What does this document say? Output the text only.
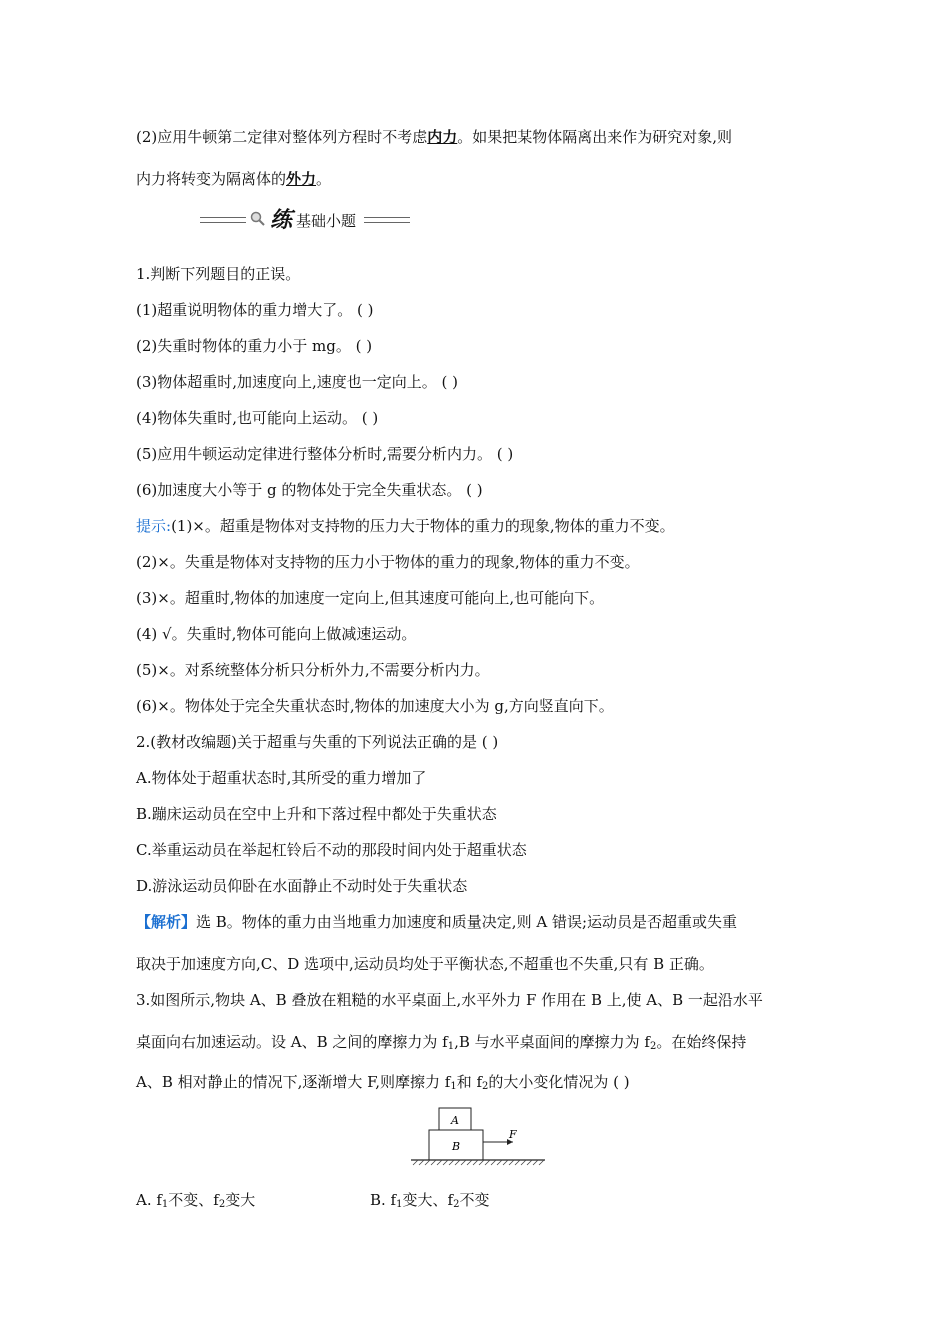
(2)应用牛顿第二定律对整体列方程时不考虑内力。如果把某物体隔离出来作为研究对象,则
内力将转变为隔离体的外力。
练 基础小题
1.判断下列题目的正误。
(1)超重说明物体的重力增大了。 ( )
(2)失重时物体的重力小于 mg。 ( )
(3)物体超重时,加速度向上,速度也一定向上。 ( )
(4)物体失重时,也可能向上运动。 ( )
(5)应用牛顿运动定律进行整体分析时,需要分析内力。 ( )
(6)加速度大小等于 g 的物体处于完全失重状态。 ( )
提示:(1)×。超重是物体对支持物的压力大于物体的重力的现象,物体的重力不变。
(2)×。失重是物体对支持物的压力小于物体的重力的现象,物体的重力不变。
(3)×。超重时,物体的加速度一定向上,但其速度可能向上,也可能向下。
(4) √。失重时,物体可能向上做减速运动。
(5)×。对系统整体分析只分析外力,不需要分析内力。
(6)×。物体处于完全失重状态时,物体的加速度大小为 g,方向竖直向下。
2.(教材改编题)关于超重与失重的下列说法正确的是 ( )
A.物体处于超重状态时,其所受的重力增加了
B.蹦床运动员在空中上升和下落过程中都处于失重状态
C.举重运动员在举起杠铃后不动的那段时间内处于超重状态
D.游泳运动员仰卧在水面静止不动时处于失重状态
【解析】选 B。物体的重力由当地重力加速度和质量决定,则 A 错误;运动员是否超重或失重
取决于加速度方向,C、D 选项中,运动员均处于平衡状态,不超重也不失重,只有 B 正确。
3.如图所示,物块 A、B 叠放在粗糙的水平桌面上,水平外力 F 作用在 B 上,使 A、B 一起沿水平
桌面向右加速运动。设 A、B 之间的摩擦力为 $f_1,B$ 与水平桌面间的摩擦力为 $f_2$。在始终保持
A、B 相对静止的情况下,逐渐增大 F,则摩擦力 $f_1$和 $f_2$的大小变化情况为 ( )
A
B
F
A. $f_1$不变、$f_2$变大	B. $f_1$变大、$f_2$不变
